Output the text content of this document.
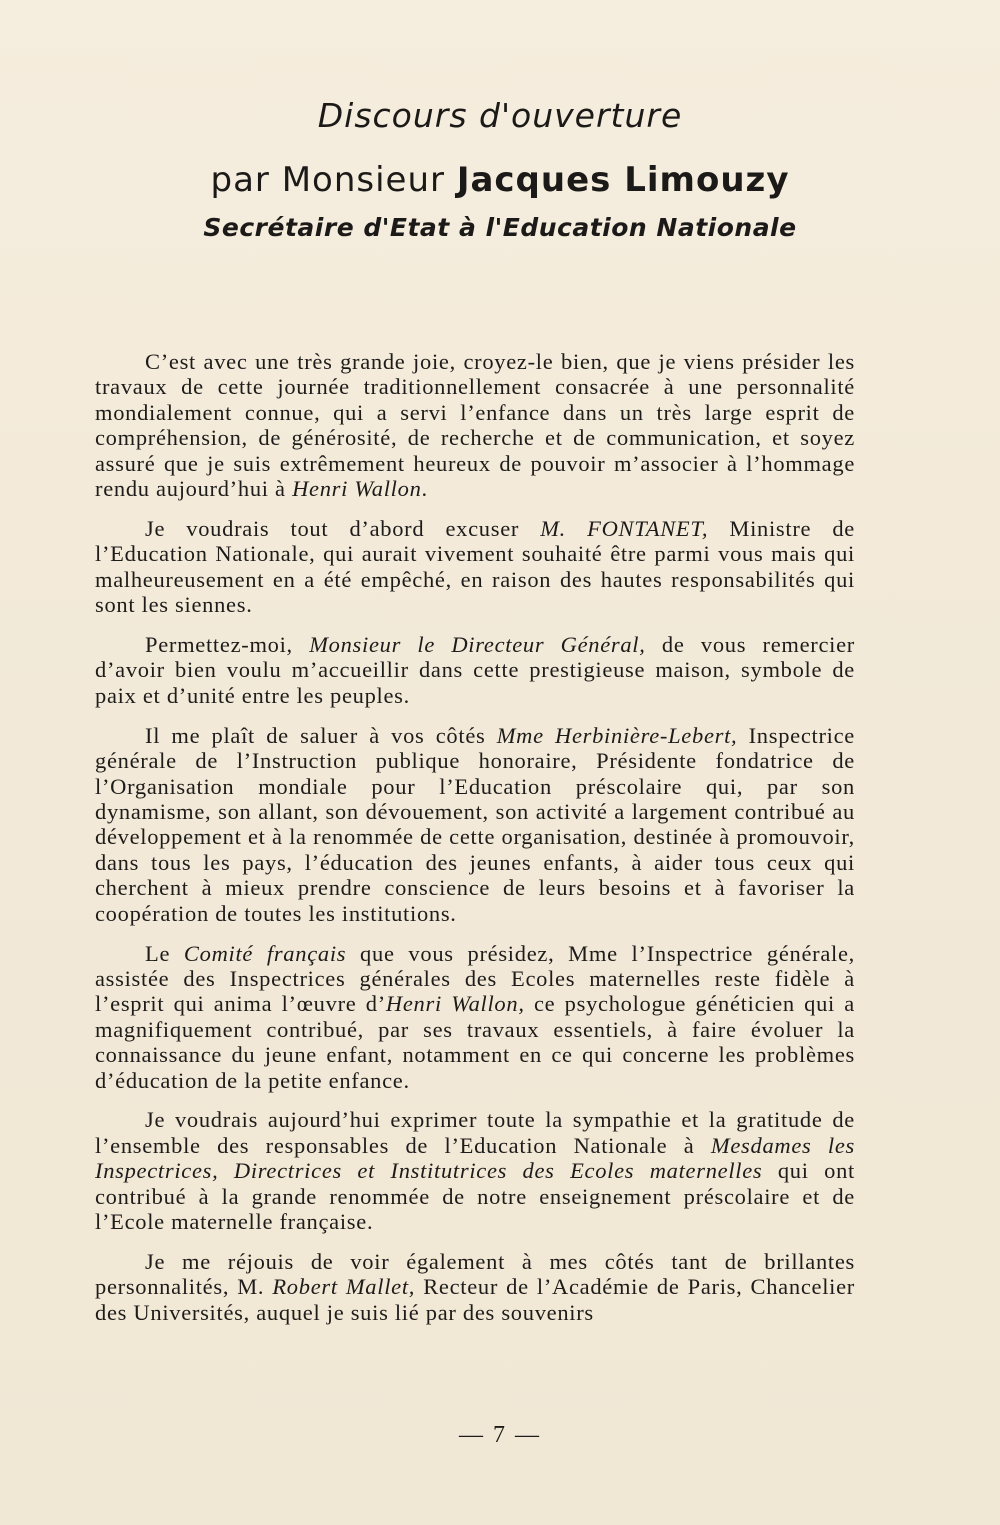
Discours d'ouverture
par Monsieur Jacques Limouzy
Secrétaire d'Etat à l'Education Nationale

C’est avec une très grande joie, croyez-le bien, que je viens présider les travaux de cette journée traditionnellement consacrée à une personnalité mondialement connue, qui a servi l’enfance dans un très large esprit de compréhension, de générosité, de recherche et de communication, et soyez assuré que je suis extrêmement heureux de pouvoir m’associer à l’hommage rendu aujourd’hui à Henri Wallon.

Je voudrais tout d’abord excuser M. FONTANET, Ministre de l’Education Nationale, qui aurait vivement souhaité être parmi vous mais qui malheureusement en a été empêché, en raison des hautes responsabilités qui sont les siennes.

Permettez-moi, Monsieur le Directeur Général, de vous remercier d’avoir bien voulu m’accueillir dans cette prestigieuse maison, symbole de paix et d’unité entre les peuples.

Il me plaît de saluer à vos côtés Mme Herbinière-Lebert, Inspectrice générale de l’Instruction publique honoraire, Présidente fondatrice de l’Organisation mondiale pour l’Education préscolaire qui, par son dynamisme, son allant, son dévouement, son activité a largement contribué au développement et à la renommée de cette organisation, destinée à promouvoir, dans tous les pays, l’éducation des jeunes enfants, à aider tous ceux qui cherchent à mieux prendre conscience de leurs besoins et à favoriser la coopération de toutes les institutions.

Le Comité français que vous présidez, Mme l’Inspectrice générale, assistée des Inspectrices générales des Ecoles maternelles reste fidèle à l’esprit qui anima l’œuvre d’Henri Wallon, ce psychologue généticien qui a magnifiquement contribué, par ses travaux essentiels, à faire évoluer la connaissance du jeune enfant, notamment en ce qui concerne les problèmes d’éducation de la petite enfance.

Je voudrais aujourd’hui exprimer toute la sympathie et la gratitude de l’ensemble des responsables de l’Education Nationale à Mesdames les Inspectrices, Directrices et Institutrices des Ecoles maternelles qui ont contribué à la grande renommée de notre enseignement préscolaire et de l’Ecole maternelle française.

Je me réjouis de voir également à mes côtés tant de brillantes personnalités, M. Robert Mallet, Recteur de l’Académie de Paris, Chancelier des Universités, auquel je suis lié par des souvenirs

— 7 —
